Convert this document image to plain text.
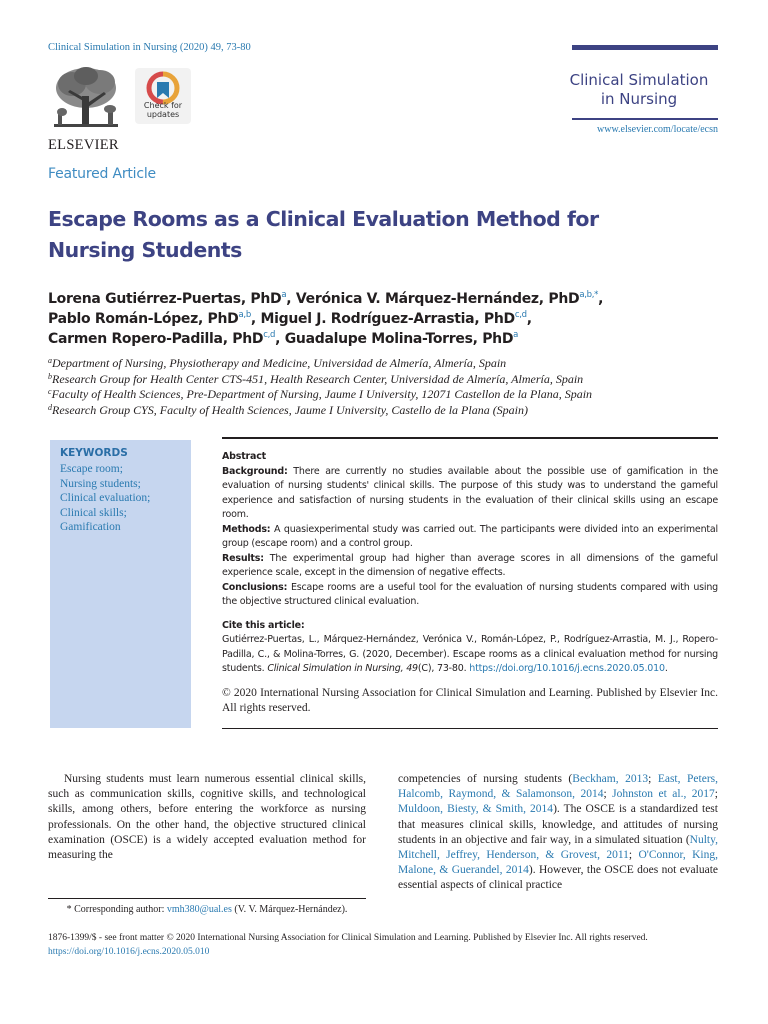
Clinical Simulation in Nursing (2020) 49, 73-80
ELSEVIER
Check for updates
Clinical Simulation
in Nursing
www.elsevier.com/locate/ecsn
Featured Article
Escape Rooms as a Clinical Evaluation Method for Nursing Students
Lorena Gutiérrez-Puertas, PhD$^a$, Verónica V. Márquez-Hernández, PhD$^{a,b,*}$,
Pablo Román-López, PhD$^{a,b}$, Miguel J. Rodríguez-Arrastia, PhD$^{c,d}$,
Carmen Ropero-Padilla, PhD$^{c,d}$, Guadalupe Molina-Torres, PhD$^a$
$^a$Department of Nursing, Physiotherapy and Medicine, Universidad de Almería, Almería, Spain
$^b$Research Group for Health Center CTS-451, Health Research Center, Universidad de Almería, Almería, Spain
$^c$Faculty of Health Sciences, Pre-Department of Nursing, Jaume I University, 12071 Castellon de la Plana, Spain
$^d$Research Group CYS, Faculty of Health Sciences, Jaume I University, Castello de la Plana (Spain)
KEYWORDS
Escape room;
Nursing students;
Clinical evaluation;
Clinical skills;
Gamification

Abstract

Background: There are currently no studies available about the possible use of gamification in the evaluation of nursing students' clinical skills. The purpose of this study was to understand the gameful experience and satisfaction of nursing students in the evaluation of their clinical skills using an escape room.

Methods: A quasiexperimental study was carried out. The participants were divided into an experimental group (escape room) and a control group.

Results: The experimental group had higher than average scores in all dimensions of the gameful experience scale, except in the dimension of negative effects.

Conclusions: Escape rooms are a useful tool for the evaluation of nursing students compared with using the objective structured clinical evaluation.

Cite this article:

Gutiérrez-Puertas, L., Márquez-Hernández, Verónica V., Román-López, P., Rodríguez-Arrastia, M. J., Ropero-Padilla, C., & Molina-Torres, G. (2020, December). Escape rooms as a clinical evaluation method for nursing students. Clinical Simulation in Nursing, 49(C), 73-80. https://doi.org/10.1016/j.ecns.2020.05.010.

© 2020 International Nursing Association for Clinical Simulation and Learning. Published by Elsevier Inc. All rights reserved.

Nursing students must learn numerous essential clinical skills, such as communication skills, cognitive skills, and technological skills, among others, before entering the workforce as nursing professionals. On the other hand, the objective structured clinical examination (OSCE) is a widely accepted evaluation method for measuring the

competencies of nursing students (Beckham, 2013; East, Peters, Halcomb, Raymond, & Salamonson, 2014; Johnston et al., 2017; Muldoon, Biesty, & Smith, 2014). The OSCE is a standardized test that measures clinical skills, knowledge, and attitudes of nursing students in an objective and fair way, in a simulated situation (Nulty, Mitchell, Jeffrey, Henderson, & Grovest, 2011; O'Connor, King, Malone, & Guerandel, 2014). However, the OSCE does not evaluate essential aspects of clinical practice

* Corresponding author: vmh380@ual.es (V. V. Márquez-Hernández).
1876-1399/$ - see front matter © 2020 International Nursing Association for Clinical Simulation and Learning. Published by Elsevier Inc. All rights reserved.
https://doi.org/10.1016/j.ecns.2020.05.010
